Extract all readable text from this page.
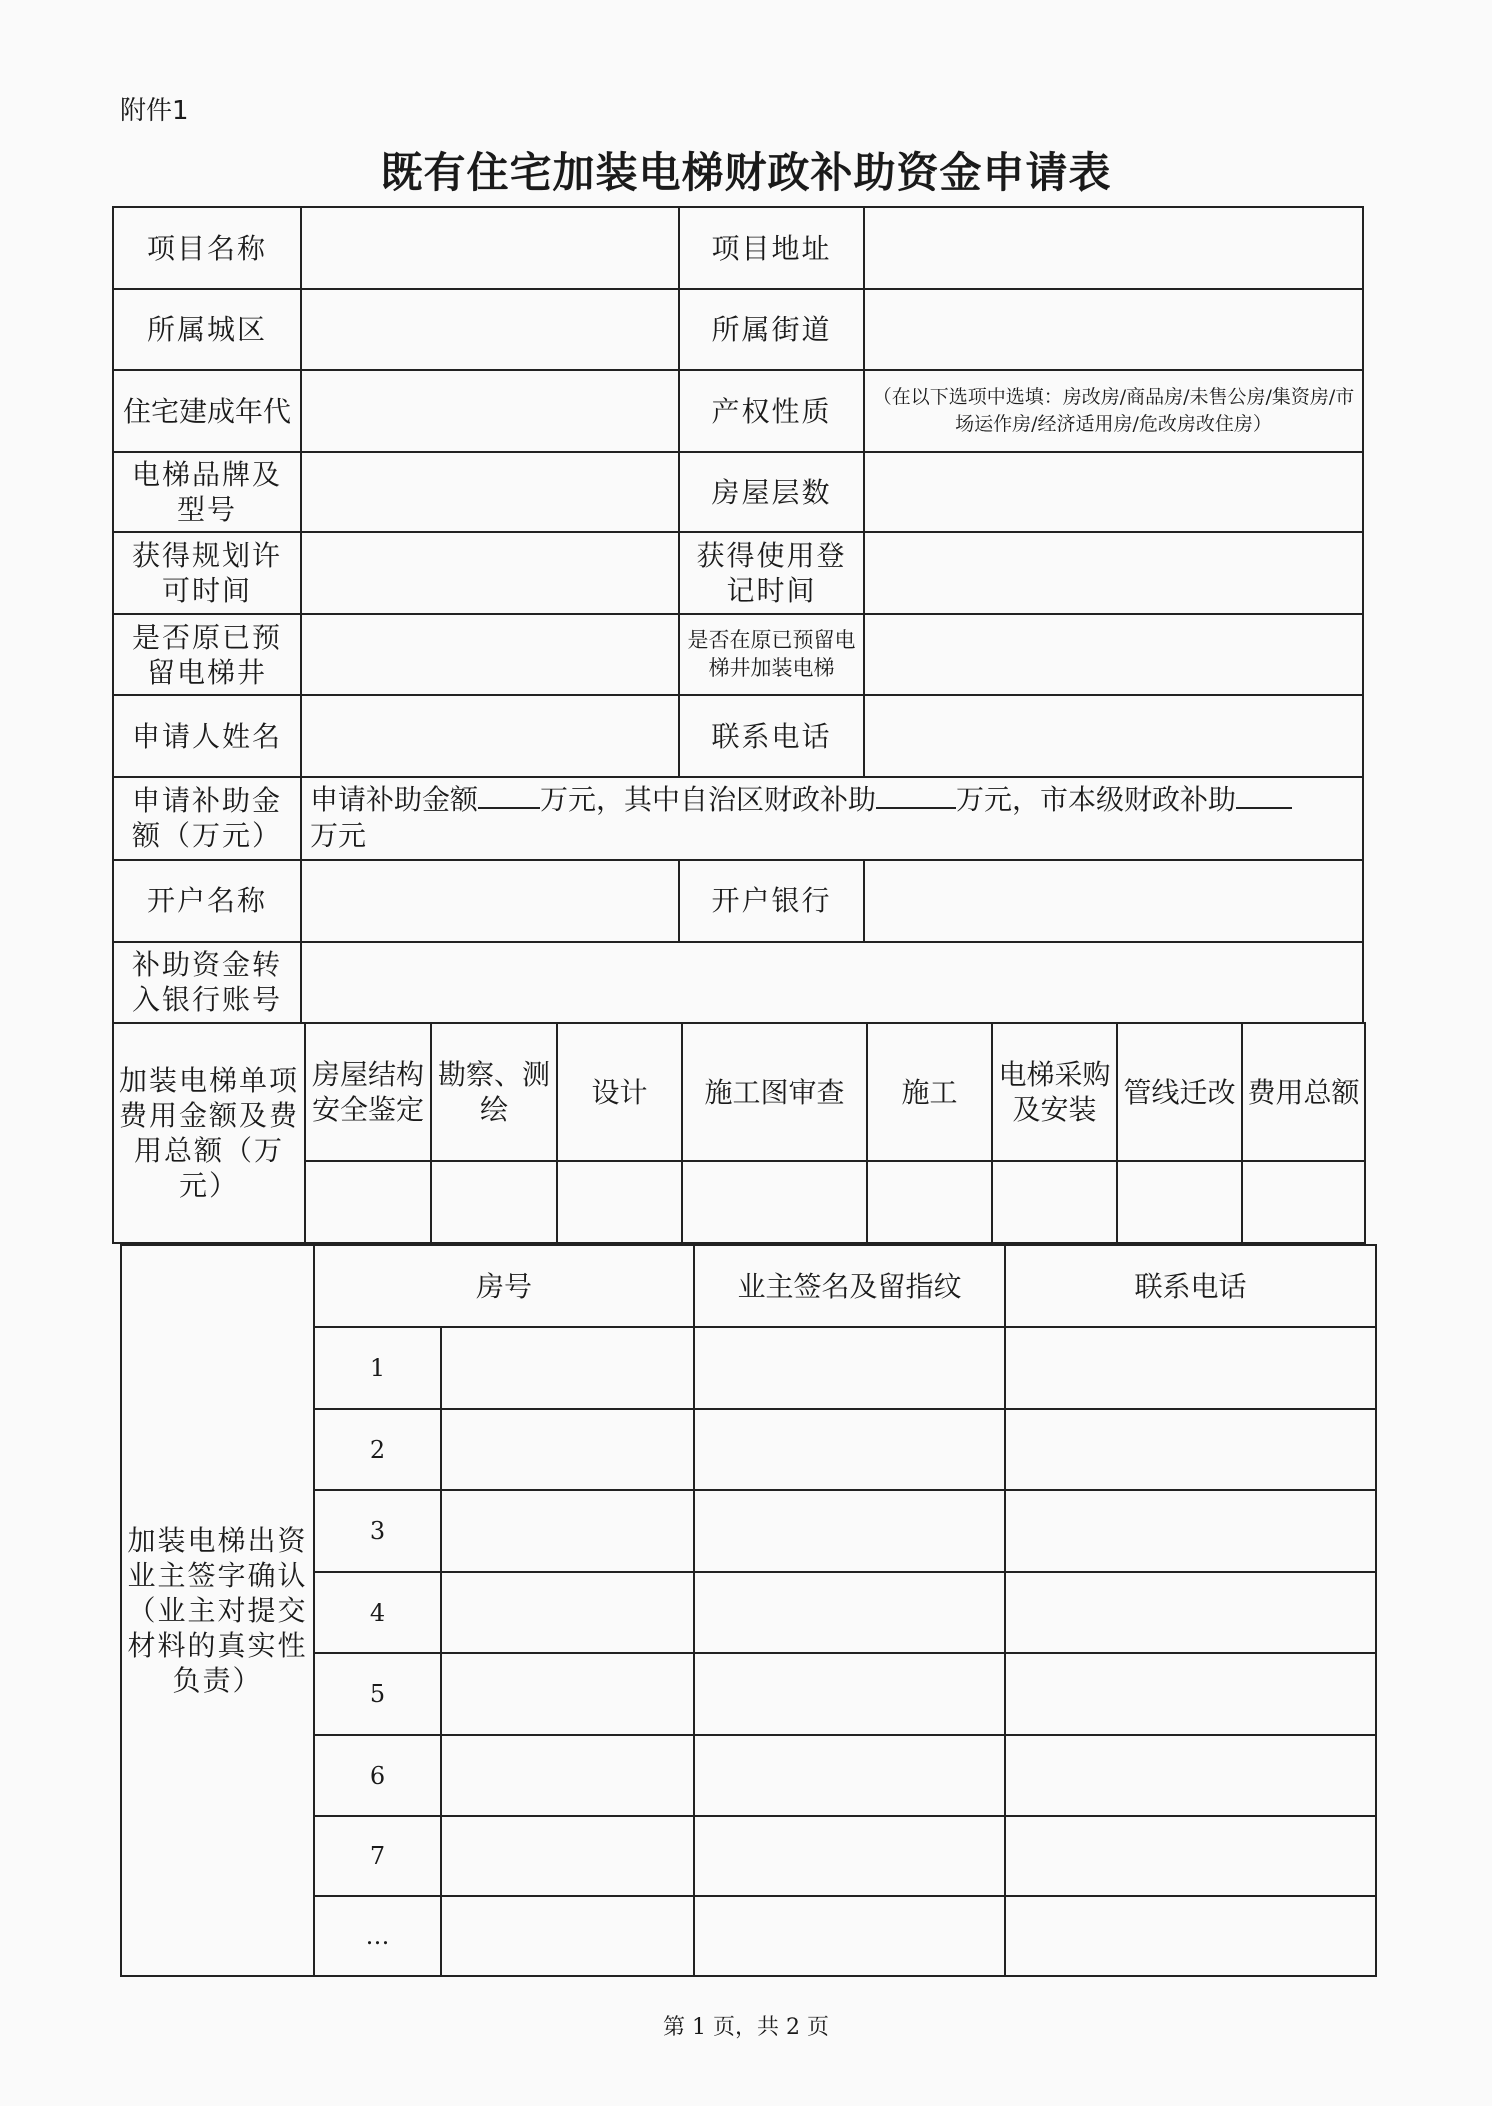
附件1
既有住宅加装电梯财政补助资金申请表
项目名称		项目地址	
所属城区		所属街道	
住宅建成年代		产权性质	（在以下选项中选填：房改房/商品房/未售公房/集资房/市场运作房/经济适用房/危改房改住房）
电梯品牌及型号		房屋层数	
获得规划许可时间		获得使用登记时间	
是否原已预留电梯井		是否在原已预留电梯井加装电梯	
申请人姓名		联系电话	
申请补助金额（万元）	申请补助金额 万元，其中自治区财政补助 万元，市本级财政补助
万元		
开户名称		开户银行	
补助资金转入银行账号			
加装电梯单项费用金额及费用总额（万元）	房屋结构安全鉴定	勘察、测绘	设计	施工图审查	施工	电梯采购及安装	管线迁改	费用总额

加装电梯出资业主签字确认（业主对提交材料的真实性负责）	房号		业主签名及留指纹	联系电话
	1			
	2			
	3			
	4			
	5			
	6			
	7			
	…			
第 1 页，共 2 页
